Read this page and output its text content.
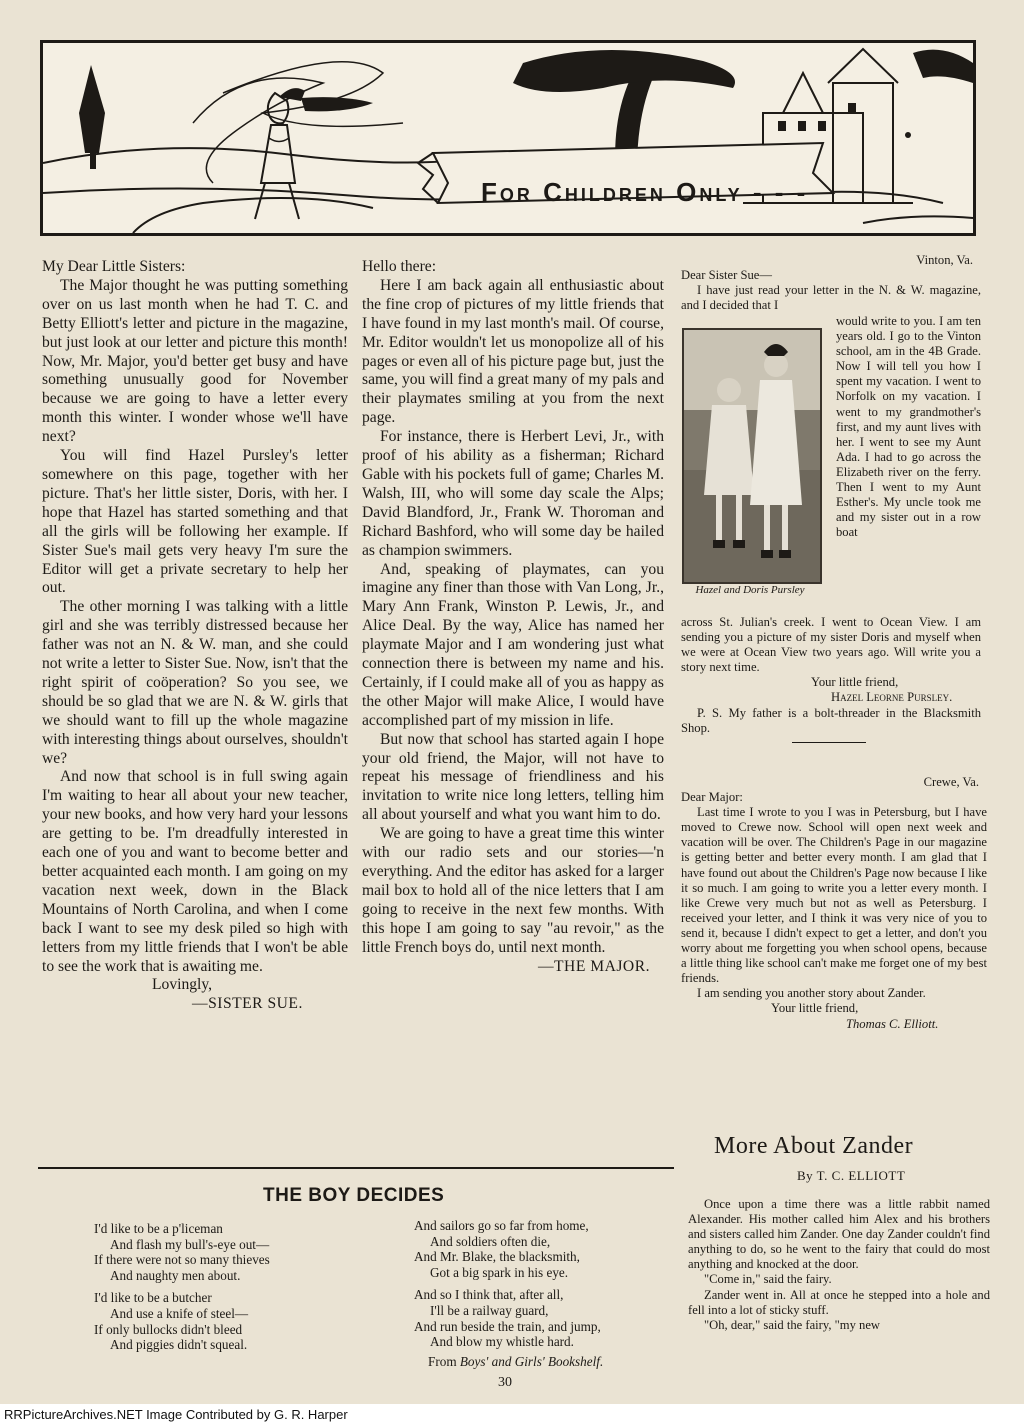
For Children Only - - -

My Dear Little Sisters:

The Major thought he was putting something over on us last month when he had T. C. and Betty Elliott's letter and picture in the magazine, but just look at our letter and picture this month! Now, Mr. Major, you'd better get busy and have something unusually good for November because we are going to have a letter every month this winter. I wonder whose we'll have next?

You will find Hazel Pursley's letter somewhere on this page, together with her picture. That's her little sister, Doris, with her. I hope that Hazel has started something and that all the girls will be following her example. If Sister Sue's mail gets very heavy I'm sure the Editor will get a private secretary to help her out.

The other morning I was talking with a little girl and she was terribly distressed because her father was not an N. & W. man, and she could not write a letter to Sister Sue. Now, isn't that the right spirit of coöperation? So you see, we should be so glad that we are N. & W. girls that we should want to fill up the whole magazine with interesting things about ourselves, shouldn't we?

And now that school is in full swing again I'm waiting to hear all about your new teacher, your new books, and how very hard your lessons are getting to be. I'm dreadfully interested in each one of you and want to become better and better acquainted each month. I am going on my vacation next week, down in the Black Mountains of North Carolina, and when I come back I want to see my desk piled so high with letters from my little friends that I won't be able to see the work that is awaiting me.

Lovingly,

—SISTER SUE.

Hello there:

Here I am back again all enthusiastic about the fine crop of pictures of my little friends that I have found in my last month's mail. Of course, Mr. Editor wouldn't let us monopolize all of his pages or even all of his picture page but, just the same, you will find a great many of my pals and their playmates smiling at you from the next page.

For instance, there is Herbert Levi, Jr., with proof of his ability as a fisherman; Richard Gable with his pockets full of game; Charles M. Walsh, III, who will some day scale the Alps; David Blandford, Jr., Frank W. Thoroman and Richard Bashford, who will some day be hailed as champion swimmers.

And, speaking of playmates, can you imagine any finer than those with Van Long, Jr., Mary Ann Frank, Winston P. Lewis, Jr., and Alice Deal. By the way, Alice has named her playmate Major and I am wondering just what connection there is between my name and his. Certainly, if I could make all of you as happy as the other Major will make Alice, I would have accomplished part of my mission in life.

But now that school has started again I hope your old friend, the Major, will not have to repeat his message of friendliness and his invitation to write nice long letters, telling him all about yourself and what you want him to do.

We are going to have a great time this winter with our radio sets and our stories—'n everything. And the editor has asked for a larger mail box to hold all of the nice letters that I am going to receive in the next few months. With this hope I am going to say "au revoir," as the little French boys do, until next month.

—THE MAJOR.

Vinton, Va.

Dear Sister Sue—

I have just read your letter in the N. & W. magazine, and I decided that I

Hazel and Doris Pursley

would write to you. I am ten years old. I go to the Vinton school, am in the 4B Grade. Now I will tell you how I spent my vacation. I went to Norfolk on my vacation. I went to my grandmother's first, and my aunt lives with her. I went to see my Aunt Ada. I had to go across the Elizabeth river on the ferry. Then I went to my Aunt Esther's. My uncle took me and my sister out in a row boat

across St. Julian's creek. I went to Ocean View. I am sending you a picture of my sister Doris and myself when we were at Ocean View two years ago. Will write you a story next time.

Your little friend,

Hazel Leorne Pursley.

P. S. My father is a bolt-threader in the Blacksmith Shop.

Crewe, Va.

Dear Major:

Last time I wrote to you I was in Petersburg, but I have moved to Crewe now. School will open next week and vacation will be over. The Children's Page in our magazine is getting better and better every month. I am glad that I have found out about the Children's Page now because I like it so much. I am going to write you a letter every month. I like Crewe very much but not as well as Petersburg. I received your letter, and I think it was very nice of you to send it, because I didn't expect to get a letter, and don't you worry about me forgetting you when school opens, because a little thing like school can't make me forget one of my best friends.

I am sending you another story about Zander.

Your little friend,

Thomas C. Elliott.

THE BOY DECIDES
I'd like to be a p'liceman
And flash my bull's-eye out—
If there were not so many thieves
And naughty men about.
I'd like to be a butcher
And use a knife of steel—
If only bullocks didn't bleed
And piggies didn't squeal.
And sailors go so far from home,
And soldiers often die,
And Mr. Blake, the blacksmith,
Got a big spark in his eye.
And so I think that, after all,
I'll be a railway guard,
And run beside the train, and jump,
And blow my whistle hard.
From Boys' and Girls' Bookshelf.
More About Zander
By T. C. ELLIOTT

Once upon a time there was a little rabbit named Alexander. His mother called him Alex and his brothers and sisters called him Zander. One day Zander couldn't find anything to do, so he went to the fairy that could do most anything and knocked at the door.

"Come in," said the fairy.

Zander went in. All at once he stepped into a hole and fell into a lot of sticky stuff.

"Oh, dear," said the fairy, "my new

30
RRPictureArchives.NET Image Contributed by G. R. Harper
